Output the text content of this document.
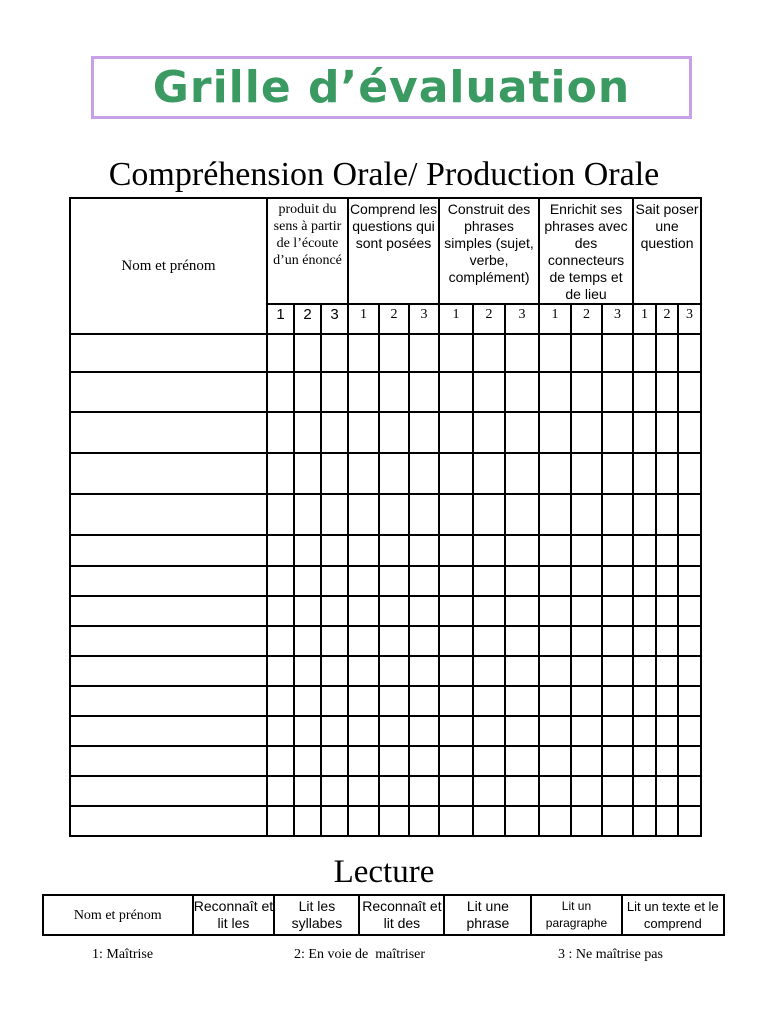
Grille d’évaluation
Compréhension Orale/ Production Orale
Nom et prénom	produit du sens à partir de l’écoute d’un énoncé			Comprend les questions qui sont posées			Construit des phrases simples (sujet, verbe, complément)			Enrichit ses phrases avec des connecteurs de temps et de lieu			Sait poser une question		
	1	2	3	1	2	3	1	2	3	1	2	3	1	2	3

Lecture
Nom et prénom	Reconnaît et lit les	Lit les syllabes	Reconnaît et lit des	Lit une phrase	Lit un paragraphe	Lit un texte et le comprend
1: Maîtrise	2: En voie de  maîtriser	3 : Ne maîtrise pas
